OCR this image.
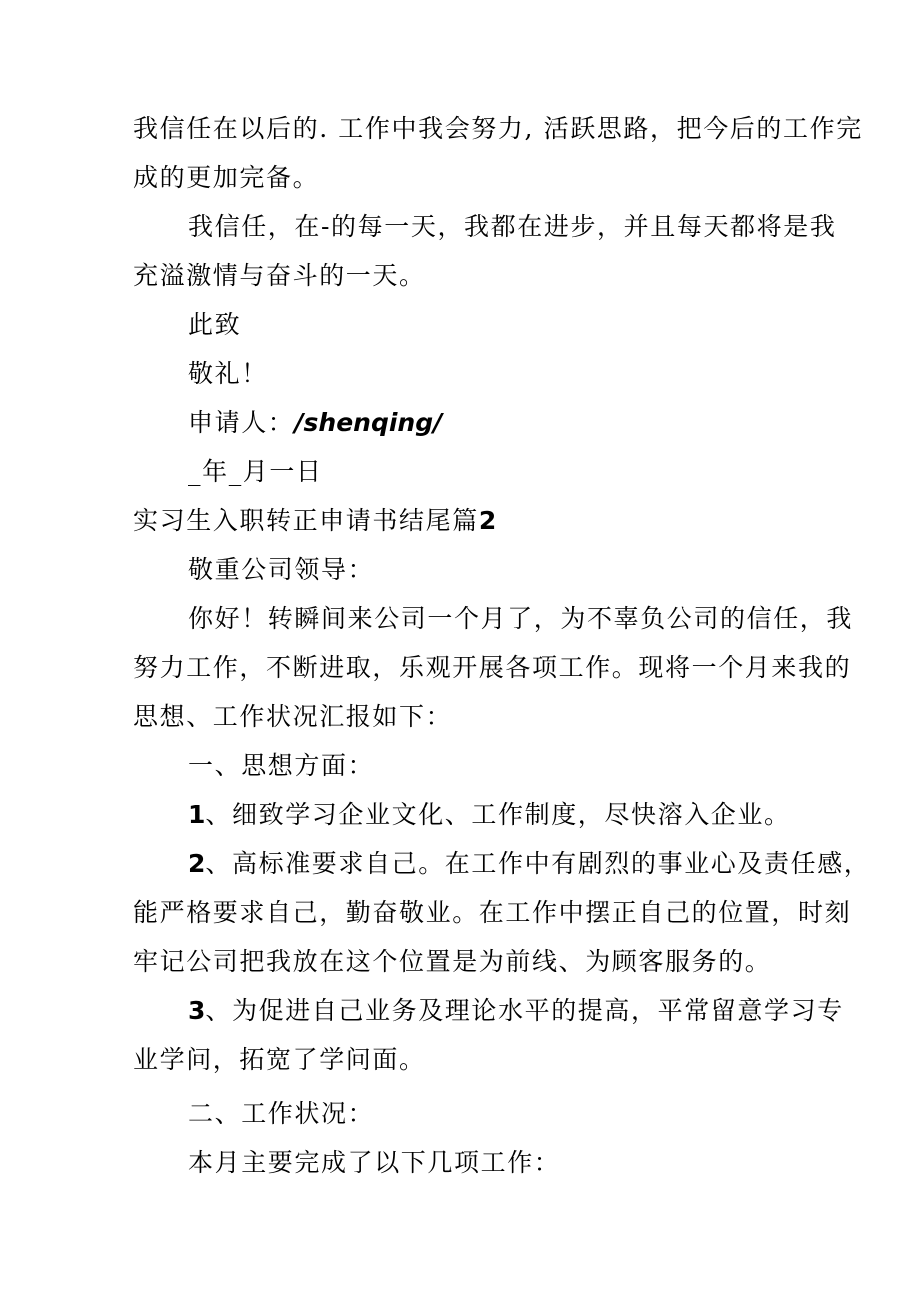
我信任在以后的. 工作中我会努力, 活跃思路，把今后的工作完
成的更加完备。
我信任，在-的每一天，我都在进步，并且每天都将是我
充溢激情与奋斗的一天。
此致
敬礼！
申请人：/shenqing/
_年_月一日
实习生入职转正申请书结尾篇2
敬重公司领导：
你好！转瞬间来公司一个月了，为不辜负公司的信任，我
努力工作，不断进取，乐观开展各项工作。现将一个月来我的
思想、工作状况汇报如下：
一、思想方面：
1、细致学习企业文化、工作制度，尽快溶入企业。
2、高标准要求自己。在工作中有剧烈的事业心及责任感，
能严格要求自己，勤奋敬业。在工作中摆正自己的位置，时刻
牢记公司把我放在这个位置是为前线、为顾客服务的。
3、为促进自己业务及理论水平的提高，平常留意学习专
业学问，拓宽了学问面。
二、工作状况：
本月主要完成了以下几项工作：
